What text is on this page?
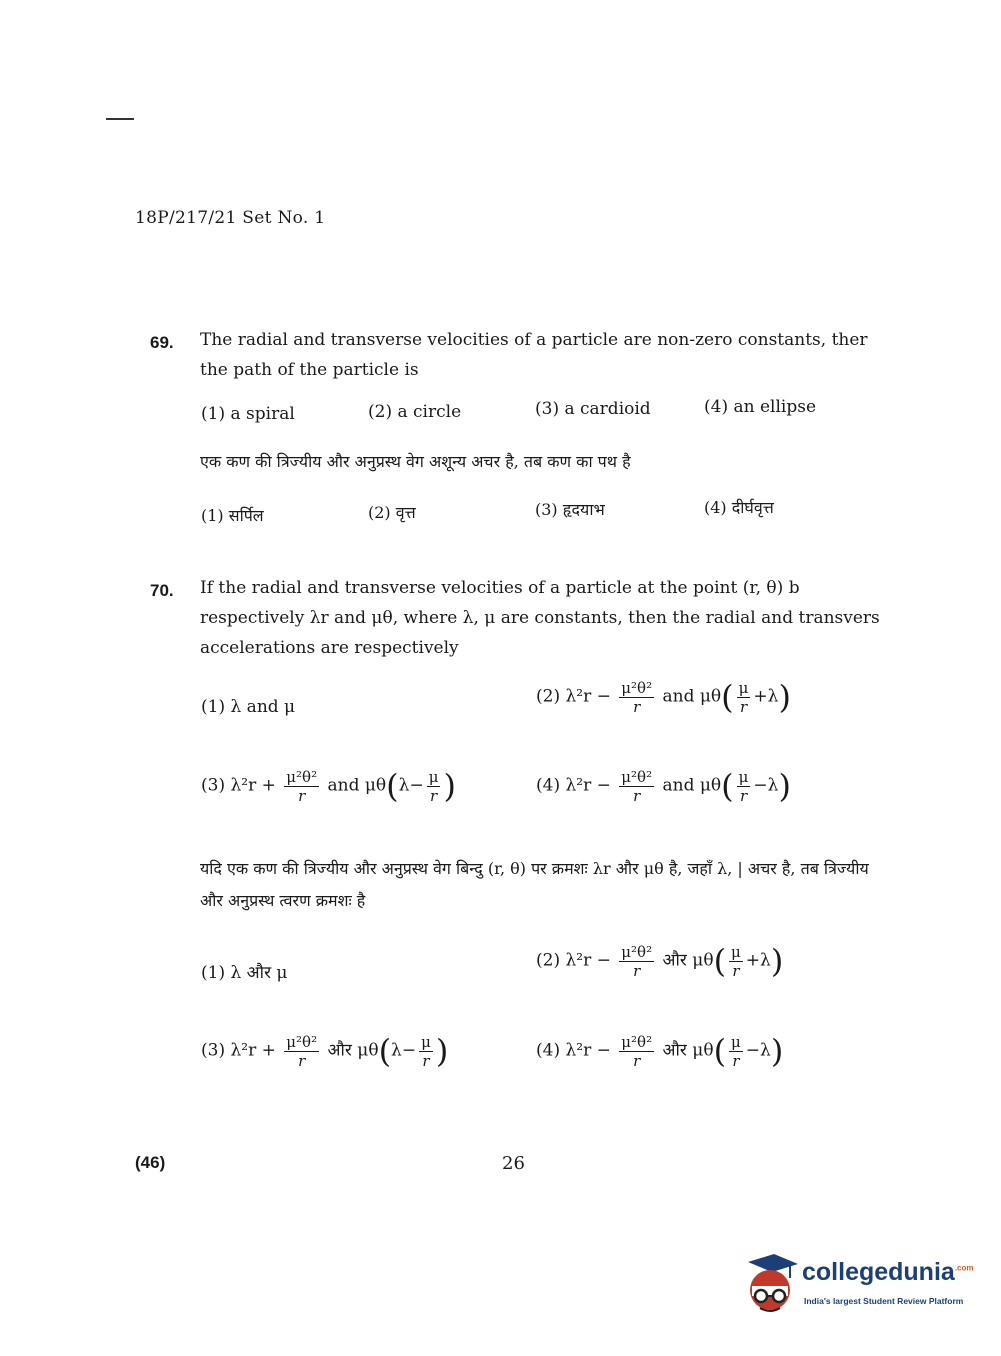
18P/217/21 Set No. 1
69. The radial and transverse velocities of a particle are non-zero constants, ther the path of the particle is
(1) a spiral	(2) a circle	(3) a cardioid	(4) an ellipse
एक कण की त्रिज्यीय और अनुप्रस्थ वेग अशून्य अचर है, तब कण का पथ है
(1) सर्पिल	(2) वृत्त	(3) हृदयाभ	(4) दीर्घवृत्त
70. If the radial and transverse velocities of a particle at the point (r, θ) b respectively λr and μθ, where λ, μ are constants, then the radial and transvers accelerations are respectively
(1) λ and μ
(2) $\lambda^2r - \frac{\text{μ²θ²}}{r}$ and $\mu\theta( \frac{\mu}{r} +\lambda)$
(3) $\lambda^2r + \frac{\text{μ²θ²}}{r}$ and $\mu\theta(\lambda- \frac{\mu}{r}$ )	(4) $\lambda^2r - \frac{\text{μ²θ²}}{r}$ and $\mu\theta( \frac{\mu}{r} -\lambda)$
यदि एक कण की त्रिज्यीय और अनुप्रस्थ वेग बिन्दु (r, θ) पर क्रमशः λr और μθ है, जहाँ λ, | अचर है, तब त्रिज्यीय और अनुप्रस्थ त्वरण क्रमशः है
(1) λ और μ
(2) $\lambda^2r - \frac{\text{μ²θ²}}{r}$ और $\mu\theta( \frac{\mu}{r} +\lambda)$
(3) $\lambda^2r + \frac{\text{μ²θ²}}{r}$ और $\mu\theta(\lambda- \frac{\mu}{r}$ )	(4) $\lambda^2r - \frac{\text{μ²θ²}}{r}$ और $\mu\theta( \frac{\mu}{r} -\lambda)$
(46)	26
collegedunia$^{.com}$
India's largest Student Review Platform
